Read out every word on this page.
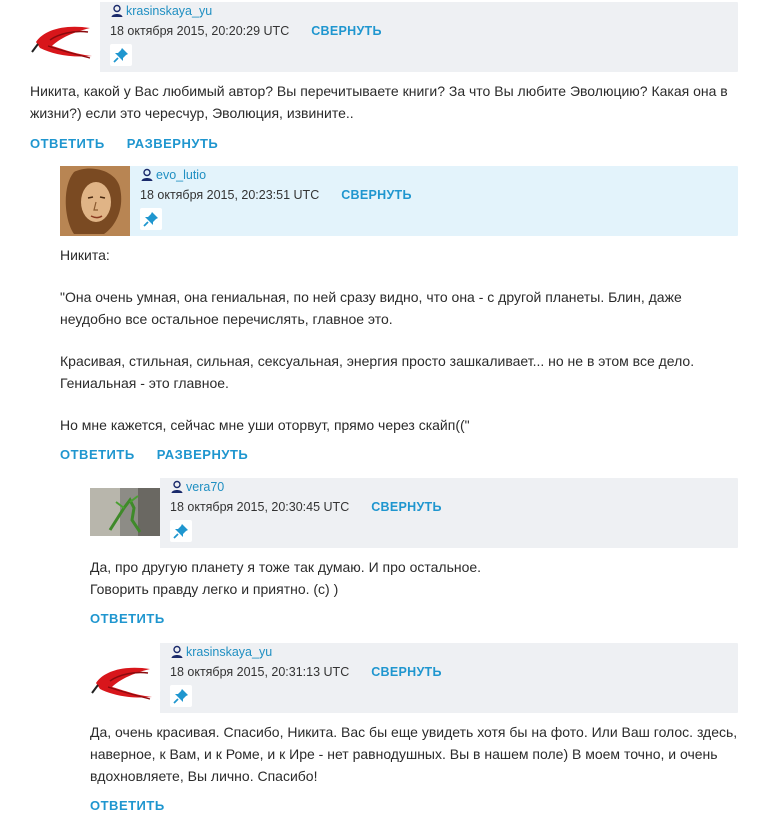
krasinskaya_yu
18 октября 2015, 20:20:29 UTC СВЕРНУТЬ

Никита, какой у Вас любимый автор? Вы перечитываете книги? За что Вы любите Эволюцию? Какая она в жизни?) если это чересчур, Эволюция, извините..

ОТВЕТИТЬ РАЗВЕРНУТЬ
evo_lutio
18 октября 2015, 20:23:51 UTC СВЕРНУТЬ

Никита:

"Она очень умная, она гениальная, по ней сразу видно, что она - с другой планеты. Блин, даже неудобно все остальное перечислять, главное это.

Красивая, стильная, сильная, сексуальная, энергия просто зашкаливает... но не в этом все дело. Гениальная - это главное.

Но мне кажется, сейчас мне уши оторвут, прямо через скайп(("

ОТВЕТИТЬ РАЗВЕРНУТЬ
vera70
18 октября 2015, 20:30:45 UTC СВЕРНУТЬ

Да, про другую планету я тоже так думаю. И про остальное.
Говорить правду легко и приятно. (с) )

ОТВЕТИТЬ
krasinskaya_yu
18 октября 2015, 20:31:13 UTC СВЕРНУТЬ

Да, очень красивая. Спасибо, Никита. Вас бы еще увидеть хотя бы на фото. Или Ваш голос. здесь, наверное, к Вам, и к Роме, и к Ире - нет равнодушных. Вы в нашем поле) В моем точно, и очень вдохновляете, Вы лично. Спасибо!

ОТВЕТИТЬ
